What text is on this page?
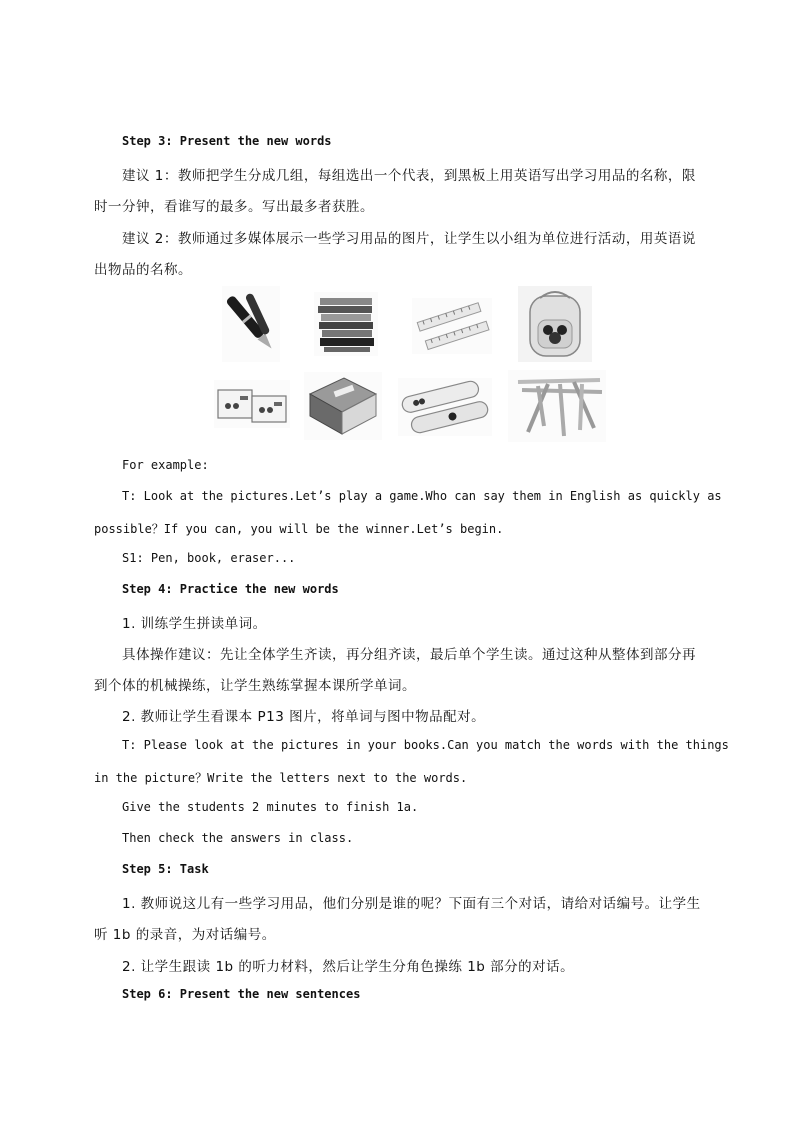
Step 3: Present the new words
建议 1：教师把学生分成几组，每组选出一个代表，到黑板上用英语写出学习用品的名称，限
时一分钟，看谁写的最多。写出最多者获胜。
建议 2：教师通过多媒体展示一些学习用品的图片，让学生以小组为单位进行活动，用英语说
出物品的名称。
For example:
T: Look at the pictures.Let’s play a game.Who can say them in English as quickly as
possible？If you can, you will be the winner.Let’s begin.
S1: Pen, book, eraser...
Step 4: Practice the new words
1. 训练学生拼读单词。
具体操作建议：先让全体学生齐读，再分组齐读，最后单个学生读。通过这种从整体到部分再
到个体的机械操练，让学生熟练掌握本课所学单词。
2. 教师让学生看课本 P13 图片，将单词与图中物品配对。
T: Please look at the pictures in your books.Can you match the words with the things
in the picture？Write the letters next to the words.
Give the students 2 minutes to finish 1a.
Then check the answers in class.
Step 5: Task
1. 教师说这儿有一些学习用品，他们分别是谁的呢？下面有三个对话，请给对话编号。让学生
听 1b 的录音，为对话编号。
2. 让学生跟读 1b 的听力材料，然后让学生分角色操练 1b 部分的对话。
Step 6: Present the new sentences
